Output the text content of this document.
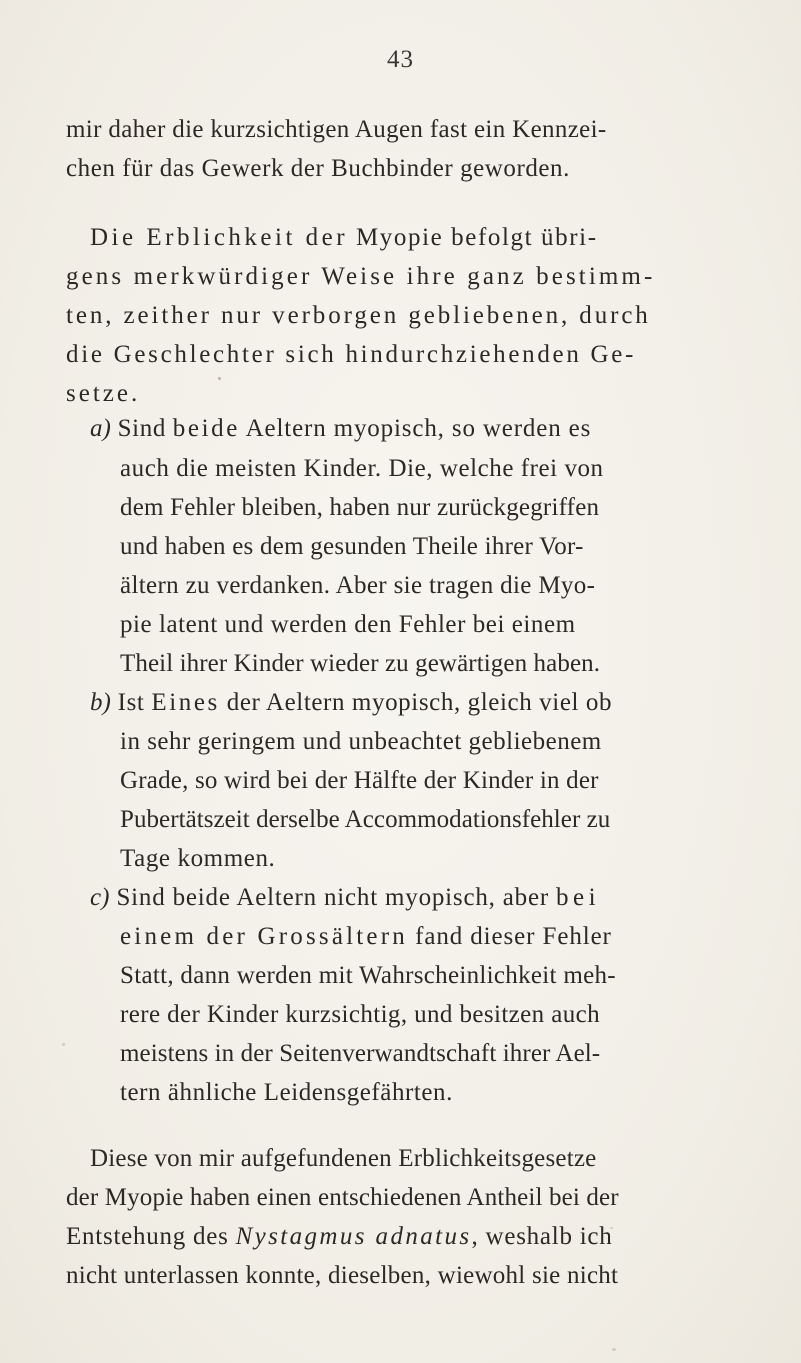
43
mir daher die kurzsichtigen Augen fast ein Kennzei-
chen für das Gewerk der Buchbinder geworden.
Die Erblichkeit der Myopie befolgt übri-
gens merkwürdiger Weise ihre ganz bestimm-
ten, zeither nur verborgen gebliebenen, durch
die Geschlechter sich hindurchziehenden Ge-
setze.
a) Sind beide Aeltern myopisch, so werden es
auch die meisten Kinder. Die, welche frei von
dem Fehler bleiben, haben nur zurückgegriffen
und haben es dem gesunden Theile ihrer Vor-
ältern zu verdanken. Aber sie tragen die Myo-
pie latent und werden den Fehler bei einem
Theil ihrer Kinder wieder zu gewärtigen haben.
b) Ist Eines der Aeltern myopisch, gleich viel ob
in sehr geringem und unbeachtet gebliebenem
Grade, so wird bei der Hälfte der Kinder in der
Pubertätszeit derselbe Accommodationsfehler zu
Tage kommen.
c) Sind beide Aeltern nicht myopisch, aber bei
einem der Grossältern fand dieser Fehler
Statt, dann werden mit Wahrscheinlichkeit meh-
rere der Kinder kurzsichtig, und besitzen auch
meistens in der Seitenverwandtschaft ihrer Ael-
tern ähnliche Leidensgefährten.
Diese von mir aufgefundenen Erblichkeitsgesetze
der Myopie haben einen entschiedenen Antheil bei der
Entstehung des Nystagmus adnatus, weshalb ich
nicht unterlassen konnte, dieselben, wiewohl sie nicht
